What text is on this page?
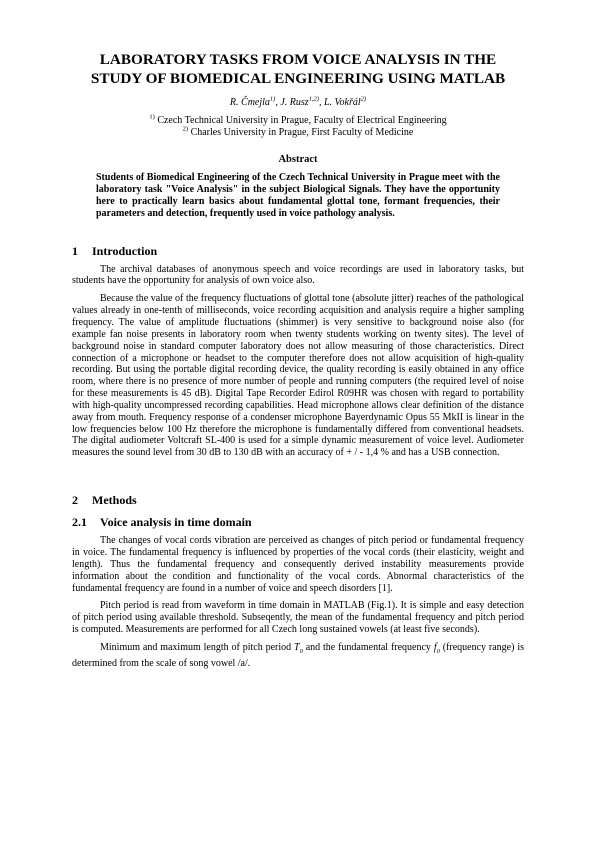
LABORATORY TASKS FROM VOICE ANALYSIS IN THE
STUDY OF BIOMEDICAL ENGINEERING USING MATLAB
R. Čmejla$^{1)}$, J. Rusz$^{1,2)}$, L. Vokřál$^{2)}$
$^{1)}$ Czech Technical University in Prague, Faculty of Electrical Engineering
$^{2)}$ Charles University in Prague, First Faculty of Medicine
Abstract
Students of Biomedical Engineering of the Czech Technical University in Prague meet with the laboratory task "Voice Analysis" in the subject Biological Signals. They have the opportunity here to practically learn basics about fundamental glottal tone, formant frequencies, their parameters and detection, frequently used in voice pathology analysis.
1	Introduction

The archival databases of anonymous speech and voice recordings are used in laboratory tasks, but students have the opportunity for analysis of own voice also.

Because the value of the frequency fluctuations of glottal tone (absolute jitter) reaches of the pathological values already in one-tenth of milliseconds, voice recording acquisition and analysis require a higher sampling frequency. The value of amplitude fluctuations (shimmer) is very sensitive to background noise also (for example fan noise presents in laboratory room when twenty students working on twenty sites). The level of background noise in standard computer laboratory does not allow measuring of those characteristics. Direct connection of a microphone or headset to the computer therefore does not allow acquisition of high-quality recording. But using the portable digital recording device, the quality recording is easily obtained in any office room, where there is no presence of more number of people and running computers (the required level of noise for these measurements is 45 dB). Digital Tape Recorder Edirol R09HR was chosen with regard to portability with high-quality uncompressed recording capabilities. Head microphone allows clear definition of the distance away from mouth. Frequency response of a condenser microphone Bayerdynamic Opus 55 MkII is linear in the low frequencies below 100 Hz therefore the microphone is fundamentally differed from conventional headsets. The digital audiometer Voltcraft SL-400 is used for a simple dynamic measurement of voice level. Audiometer measures the sound level from 30 dB to 130 dB with an accuracy of + / - 1,4 % and has a USB connection.

2	Methods
2.1	Voice analysis in time domain

The changes of vocal cords vibration are perceived as changes of pitch period or fundamental frequency in voice. The fundamental frequency is influenced by properties of the vocal cords (their elasticity, weight and length). Thus the fundamental frequency and consequently derived instability measurements provide information about the condition and functionality of the vocal cords. Abnormal characteristics of the fundamental frequency are found in a number of voice and speech disorders [1].

Pitch period is read from waveform in time domain in MATLAB (Fig.1). It is simple and easy detection of pitch period using available threshold. Subseqently, the mean of the fundamental frequency and pitch period is computed. Measurements are performed for all Czech long sustained vowels (at least five seconds).

Minimum and maximum length of pitch period $T_0$ and the fundamental frequency $f_0$ (frequency range) is determined from the scale of song vowel /a/.
